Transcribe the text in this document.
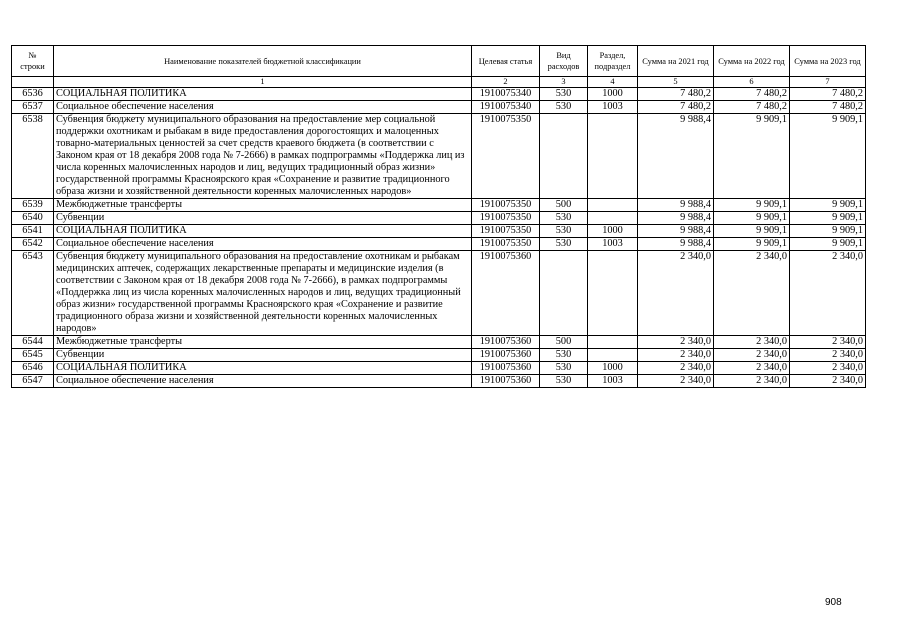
№
строки	Наименование показателей бюджетной классификации	Целевая статья	Вид расходов	Раздел, подраздел	Сумма на 2021 год	Сумма на 2022 год	Сумма на 2023 год
	1	2	3	4	5	6	7
6536	СОЦИАЛЬНАЯ ПОЛИТИКА	1910075340	530	1000	7 480,2	7 480,2	7 480,2
6537	Социальное обеспечение населения	1910075340	530	1003	7 480,2	7 480,2	7 480,2
6538	Субвенция бюджету муниципального образования на предоставление мер социальной поддержки охотникам и рыбакам в виде предоставления дорогостоящих и малоценных товарно-материальных ценностей за счет средств краевого бюджета (в соответствии с Законом края от 18 декабря 2008 года № 7-2666) в рамках подпрограммы «Поддержка лиц из числа коренных малочисленных народов и лиц, ведущих традиционный образ жизни» государственной программы Красноярского края «Сохранение и развитие традиционного образа жизни и хозяйственной деятельности коренных малочисленных народов»	1910075350			9 988,4	9 909,1	9 909,1
6539	Межбюджетные трансферты	1910075350	500		9 988,4	9 909,1	9 909,1
6540	Субвенции	1910075350	530		9 988,4	9 909,1	9 909,1
6541	СОЦИАЛЬНАЯ ПОЛИТИКА	1910075350	530	1000	9 988,4	9 909,1	9 909,1
6542	Социальное обеспечение населения	1910075350	530	1003	9 988,4	9 909,1	9 909,1
6543	Субвенция бюджету муниципального образования на предоставление охотникам и рыбакам медицинских аптечек, содержащих лекарственные препараты и медицинские изделия (в соответствии с Законом края от 18 декабря 2008 года № 7-2666), в рамках подпрограммы «Поддержка лиц из числа коренных малочисленных народов и лиц, ведущих традиционный образ жизни» государственной программы Красноярского края «Сохранение и развитие традиционного образа жизни и хозяйственной деятельности коренных малочисленных народов»	1910075360			2 340,0	2 340,0	2 340,0
6544	Межбюджетные трансферты	1910075360	500		2 340,0	2 340,0	2 340,0
6545	Субвенции	1910075360	530		2 340,0	2 340,0	2 340,0
6546	СОЦИАЛЬНАЯ ПОЛИТИКА	1910075360	530	1000	2 340,0	2 340,0	2 340,0
6547	Социальное обеспечение населения	1910075360	530	1003	2 340,0	2 340,0	2 340,0
908
